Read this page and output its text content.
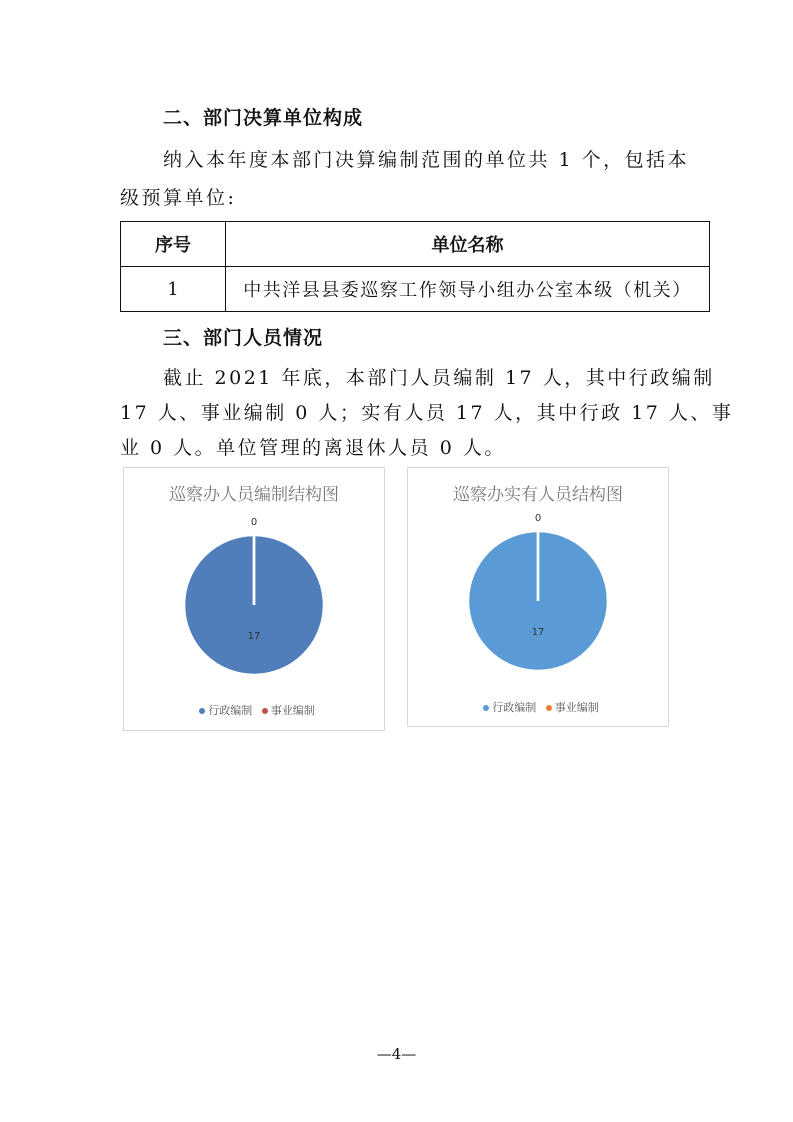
二、部门决算单位构成
纳入本年度本部门决算编制范围的单位共 1 个，包括本
级预算单位:
序号	单位名称
1	中共洋县县委巡察工作领导小组办公室本级（机关）
三、部门人员情况
截止 2021 年底，本部门人员编制 17 人，其中行政编制
17 人、事业编制 0 人；实有人员 17 人，其中行政 17 人、事
业 0 人。单位管理的离退休人员 0 人。
巡察办人员编制结构图
17
0
行政编制 事业编制
巡察办实有人员结构图
17
0
行政编制 事业编制
—4—
